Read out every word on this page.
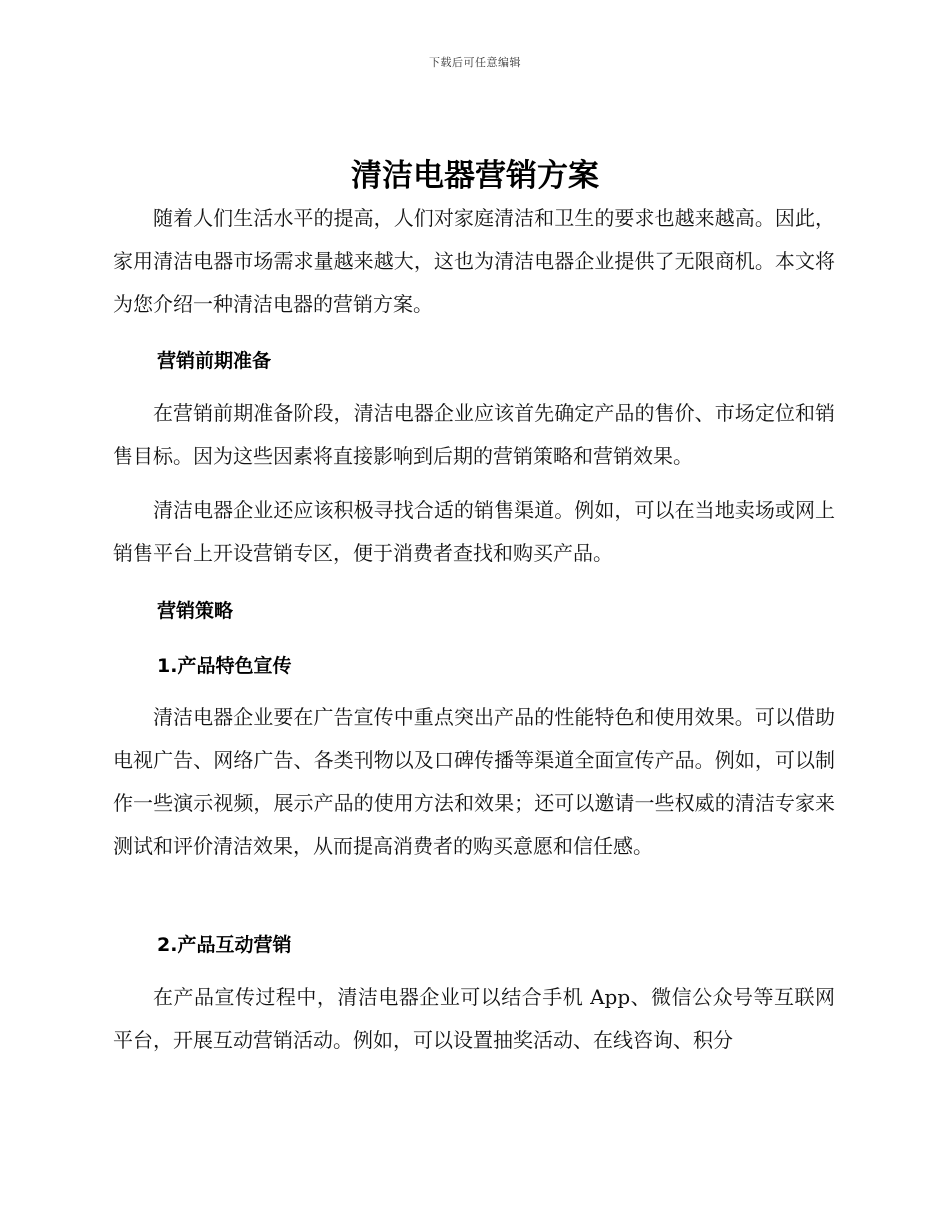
下载后可任意编辑
清洁电器营销方案

随着人们生活水平的提高，人们对家庭清洁和卫生的要求也越来越高。因此，家用清洁电器市场需求量越来越大，这也为清洁电器企业提供了无限商机。本文将为您介绍一种清洁电器的营销方案。

营销前期准备

在营销前期准备阶段，清洁电器企业应该首先确定产品的售价、市场定位和销售目标。因为这些因素将直接影响到后期的营销策略和营销效果。

清洁电器企业还应该积极寻找合适的销售渠道。例如，可以在当地卖场或网上销售平台上开设营销专区，便于消费者查找和购买产品。

营销策略
1.产品特色宣传

清洁电器企业要在广告宣传中重点突出产品的性能特色和使用效果。可以借助电视广告、网络广告、各类刊物以及口碑传播等渠道全面宣传产品。例如，可以制作一些演示视频，展示产品的使用方法和效果；还可以邀请一些权威的清洁专家来测试和评价清洁效果，从而提高消费者的购买意愿和信任感。

2.产品互动营销

在产品宣传过程中，清洁电器企业可以结合手机 App、微信公众号等互联网平台，开展互动营销活动。例如，可以设置抽奖活动、在线咨询、积分
